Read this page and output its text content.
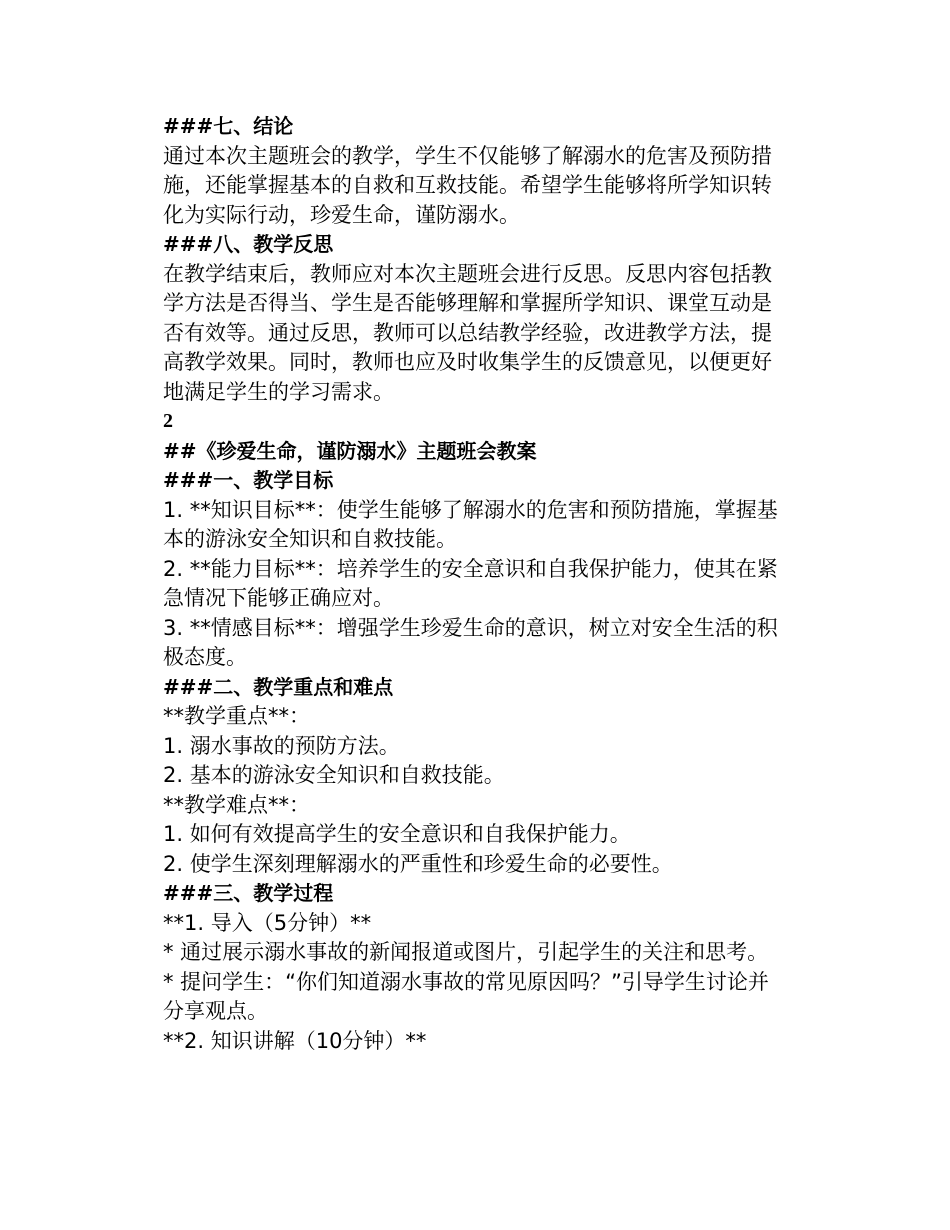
###七、结论
通过本次主题班会的教学，学生不仅能够了解溺水的危害及预防措施，还能掌握基本的自救和互救技能。希望学生能够将所学知识转化为实际行动，珍爱生命，谨防溺水。
###八、教学反思
在教学结束后，教师应对本次主题班会进行反思。反思内容包括教学方法是否得当、学生是否能够理解和掌握所学知识、课堂互动是否有效等。通过反思，教师可以总结教学经验，改进教学方法，提高教学效果。同时，教师也应及时收集学生的反馈意见，以便更好地满足学生的学习需求。
2
##《珍爱生命，谨防溺水》主题班会教案
###一、教学目标
1. **知识目标**：使学生能够了解溺水的危害和预防措施，掌握基本的游泳安全知识和自救技能。
2. **能力目标**：培养学生的安全意识和自我保护能力，使其在紧急情况下能够正确应对。
3. **情感目标**：增强学生珍爱生命的意识，树立对安全生活的积极态度。
###二、教学重点和难点
**教学重点**：
1. 溺水事故的预防方法。
2. 基本的游泳安全知识和自救技能。
**教学难点**：
1. 如何有效提高学生的安全意识和自我保护能力。
2. 使学生深刻理解溺水的严重性和珍爱生命的必要性。
###三、教学过程
**1. 导入（5分钟）**
* 通过展示溺水事故的新闻报道或图片，引起学生的关注和思考。
* 提问学生：“你们知道溺水事故的常见原因吗？”引导学生讨论并分享观点。
**2. 知识讲解（10分钟）**
